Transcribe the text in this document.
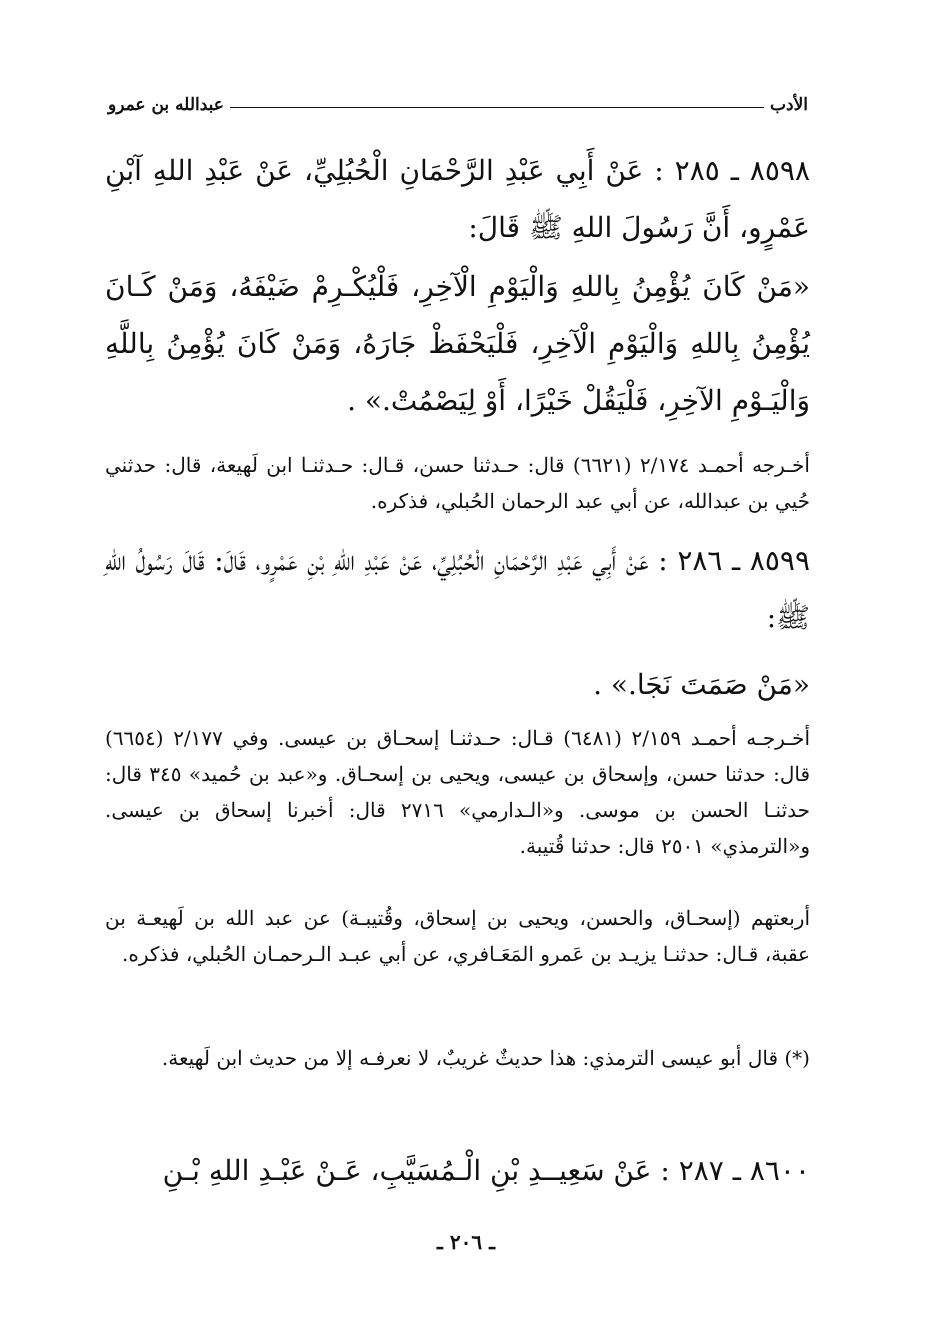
الأدب
عبدالله بن عمرو

٨٥٩٨ ـ ٢٨٥ : عَنْ أَبِي عَبْدِ الرَّحْمَانِ الْحُبُلِيِّ، عَنْ عَبْدِ اللهِ آبْنِ عَمْرٍو، أَنَّ رَسُولَ اللهِ ﷺ قَالَ:

«مَنْ كَانَ يُؤْمِنُ بِاللهِ وَالْيَوْمِ الْآخِرِ، فَلْيُكْـرِمْ ضَيْفَهُ، وَمَنْ كَـانَ يُؤْمِنُ بِاللهِ وَالْيَوْمِ الْآخِرِ، فَلْيَحْفَظْ جَارَهُ، وَمَنْ كَانَ يُؤْمِنُ بِاللَّهِ وَالْيَـوْمِ الآخِرِ، فَلْيَقُلْ خَيْرًا، أَوْ لِيَصْمُتْ.» .

أخـرجه أحمـد ٢/١٧٤ (٦٦٢١) قال: حـدثنا حسن، قـال: حـدثنـا ابن لَهيعة، قال: حدثني حُيي بن عبدالله، عن أبي عبد الرحمان الحُبلي، فذكره.

٨٥٩٩ ـ ٢٨٦ : عَنْ أَبِي عَبْدِ الرَّحْمَانِ الْحُبُلِيِّ، عَنْ عَبْدِ اللهِ بْنِ عَمْرٍو، قَالَ: قَالَ رَسُولُ اللهِ ﷺ:

«مَنْ صَمَتَ نَجَا.» .

أخـرجـه أحمـد ٢/١٥٩ (٦٤٨١) قـال: حـدثنـا إسحـاق بن عيسى. وفي ٢/١٧٧ (٦٦٥٤) قال: حدثنا حسن، وإسحاق بن عيسى، ويحيى بن إسحـاق. و«عبد بن حُميد» ٣٤٥ قال: حدثنـا الحسن بن موسى. و«الـدارمي» ٢٧١٦ قال: أخبرنا إسحاق بن عيسى. و«الترمذي» ٢٥٠١ قال: حدثنا قُتيبة.

أربعتهم (إسحـاق، والحسن، ويحيى بن إسحاق، وقُتيبـة) عن عبد الله بن لَهيعـة بن عقبة، قـال: حدثنـا يزيـد بن عَمرو المَعَـافري، عن أبي عبـد الـرحمـان الحُبلي، فذكره.

(*) قال أبو عيسى الترمذي: هذا حديثٌ غريبٌ، لا نعرفـه إلا من حديث ابن لَهيعة.

٨٦٠٠ ـ ٢٨٧ : عَنْ سَعِيــدِ بْنِ الْـمُسَيَّبِ، عَـنْ عَبْـدِ اللهِ بْـنِ

ـ ٢٠٦ ـ
